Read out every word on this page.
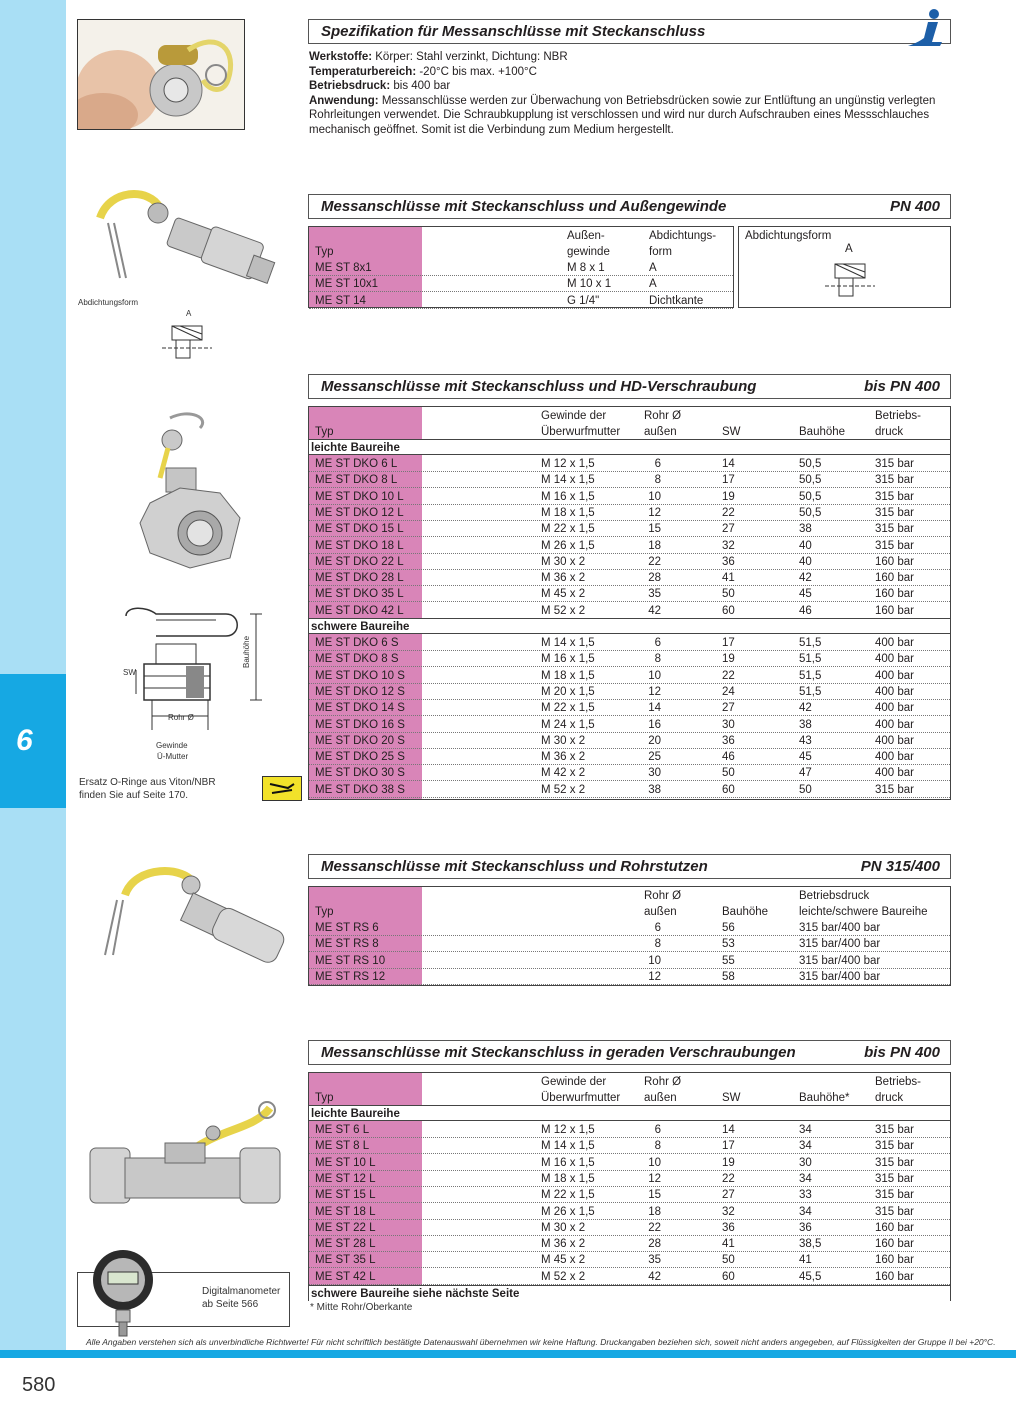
6
580
Alle Angaben verstehen sich als unverbindliche Richtwerte! Für nicht schriftlich bestätigte Datenauswahl übernehmen wir keine Haftung. Druckangaben beziehen sich, soweit nicht anders angegeben, auf Flüssigkeiten der Gruppe II bei +20°C.
Spezifikation für Messanschlüsse mit Steckanschluss
Werkstoffe: Körper: Stahl verzinkt, Dichtung: NBR
Temperaturbereich: -20°C bis max. +100°C
Betriebsdruck: bis 400 bar
Anwendung: Messanschlüsse werden zur Überwachung von Betriebsdrücken sowie zur Entlüftung an ungünstig verlegten Rohrleitungen verwendet. Die Schraubkupplung ist verschlossen und wird nur durch Aufschrauben eines Messschlauches mechanisch geöffnet. Somit ist die Verbindung zum Medium hergestellt.
Abdichtungsform
A
Messanschlüsse mit Steckanschluss und Außengewinde	PN 400
Außen-
gewinde
Abdichtungs-
form
Typ
ME ST 8x1	M 8 x 1	A
ME ST 10x1	M 10 x 1	A
ME ST 14	G 1/4"	Dichtkante
Abdichtungsform
A
SW
Bauhöhe
Rohr Ø
Gewinde
Ü-Mutter
Ersatz O-Ringe aus Viton/NBR
finden Sie auf Seite 170.
Messanschlüsse mit Steckanschluss und HD-Verschraubung	bis PN 400
Gewinde der
Überwurfmutter
Rohr Ø
außen	SW	Bauhöhe
Betriebs-
druck
Typ
leichte Baureihe
ME ST DKO 6 L	M 12 x 1,5	6	14	50,5	315 bar
ME ST DKO 8 L	M 14 x 1,5	8	17	50,5	315 bar
ME ST DKO 10 L	M 16 x 1,5	10	19	50,5	315 bar
ME ST DKO 12 L	M 18 x 1,5	12	22	50,5	315 bar
ME ST DKO 15 L	M 22 x 1,5	15	27	38	315 bar
ME ST DKO 18 L	M 26 x 1,5	18	32	40	315 bar
ME ST DKO 22 L	M 30 x 2	22	36	40	160 bar
ME ST DKO 28 L	M 36 x 2	28	41	42	160 bar
ME ST DKO 35 L	M 45 x 2	35	50	45	160 bar
ME ST DKO 42 L	M 52 x 2	42	60	46	160 bar
schwere Baureihe
ME ST DKO 6 S	M 14 x 1,5	6	17	51,5	400 bar
ME ST DKO 8 S	M 16 x 1,5	8	19	51,5	400 bar
ME ST DKO 10 S	M 18 x 1,5	10	22	51,5	400 bar
ME ST DKO 12 S	M 20 x 1,5	12	24	51,5	400 bar
ME ST DKO 14 S	M 22 x 1,5	14	27	42	400 bar
ME ST DKO 16 S	M 24 x 1,5	16	30	38	400 bar
ME ST DKO 20 S	M 30 x 2	20	36	43	400 bar
ME ST DKO 25 S	M 36 x 2	25	46	45	400 bar
ME ST DKO 30 S	M 42 x 2	30	50	47	400 bar
ME ST DKO 38 S	M 52 x 2	38	60	50	315 bar
Messanschlüsse mit Steckanschluss und Rohrstutzen	PN 315/400
Rohr Ø
außen	Bauhöhe
Betriebsdruck
leichte/schwere Baureihe
Typ
ME ST RS 6	6	56	315 bar/400 bar
ME ST RS 8	8	53	315 bar/400 bar
ME ST RS 10	10	55	315 bar/400 bar
ME ST RS 12	12	58	315 bar/400 bar
Digitalmanometer
ab Seite 566
Messanschlüsse mit Steckanschluss in geraden Verschraubungen	bis PN 400
Gewinde der
Überwurfmutter
Rohr Ø
außen	SW	Bauhöhe*
Betriebs-
druck
Typ
leichte Baureihe
ME ST 6 L	M 12 x 1,5	6	14	34	315 bar
ME ST 8 L	M 14 x 1,5	8	17	34	315 bar
ME ST 10 L	M 16 x 1,5	10	19	30	315 bar
ME ST 12 L	M 18 x 1,5	12	22	34	315 bar
ME ST 15 L	M 22 x 1,5	15	27	33	315 bar
ME ST 18 L	M 26 x 1,5	18	32	34	315 bar
ME ST 22 L	M 30 x 2	22	36	36	160 bar
ME ST 28 L	M 36 x 2	28	41	38,5	160 bar
ME ST 35 L	M 45 x 2	35	50	41	160 bar
ME ST 42 L	M 52 x 2	42	60	45,5	160 bar
schwere Baureihe siehe nächste Seite
* Mitte Rohr/Oberkante
